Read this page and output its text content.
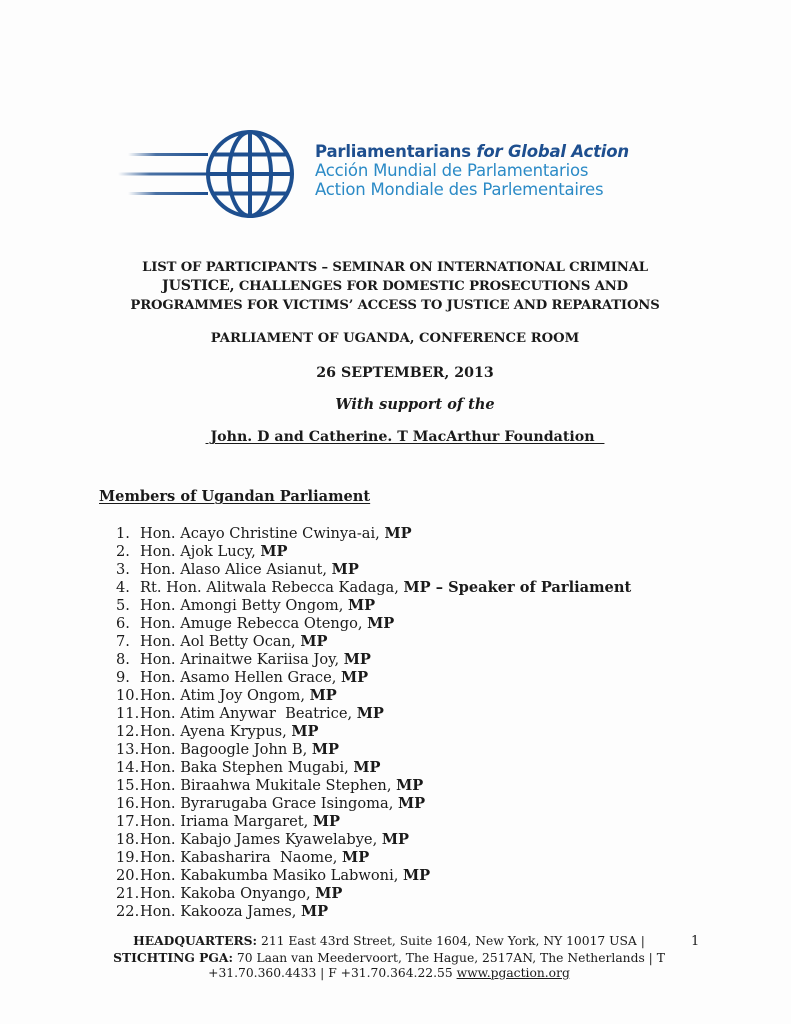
Parliamentarians for Global Action
Acción Mundial de Parlamentarios
Action Mondiale des Parlementaires
LIST OF PARTICIPANTS – SEMINAR ON INTERNATIONAL CRIMINAL
JUSTICE, CHALLENGES FOR DOMESTIC PROSECUTIONS AND
PROGRAMMES FOR VICTIMS’ ACCESS TO JUSTICE AND REPARATIONS
PARLIAMENT OF UGANDA, CONFERENCE ROOM
26 SEPTEMBER, 2013
With support of the
John. D and Catherine. T MacArthur Foundation
Members of Ugandan Parliament
1. Hon. Acayo Christine Cwinya-ai, MP
2. Hon. Ajok Lucy, MP
3. Hon. Alaso Alice Asianut, MP
4. Rt. Hon. Alitwala Rebecca Kadaga, MP – Speaker of Parliament
5. Hon. Amongi Betty Ongom, MP
6. Hon. Amuge Rebecca Otengo, MP
7. Hon. Aol Betty Ocan, MP
8. Hon. Arinaitwe Kariisa Joy, MP
9. Hon. Asamo Hellen Grace, MP
10. Hon. Atim Joy Ongom, MP
11. Hon. Atim Anywar  Beatrice, MP
12. Hon. Ayena Krypus, MP
13. Hon. Bagoogle John B, MP
14. Hon. Baka Stephen Mugabi, MP
15. Hon. Biraahwa Mukitale Stephen, MP
16. Hon. Byrarugaba Grace Isingoma, MP
17. Hon. Iriama Margaret, MP
18. Hon. Kabajo James Kyawelabye, MP
19. Hon. Kabasharira  Naome, MP
20. Hon. Kabakumba Masiko Labwoni, MP
21. Hon. Kakoba Onyango, MP
22. Hon. Kakooza James, MP
HEADQUARTERS: 211 East 43rd Street, Suite 1604, New York, NY 10017 USA | STICHTING PGA: 70 Laan van Meedervoort, The Hague, 2517AN, The Netherlands | T +31.70.360.4433 | F +31.70.364.22.55 www.pgaction.org
1
